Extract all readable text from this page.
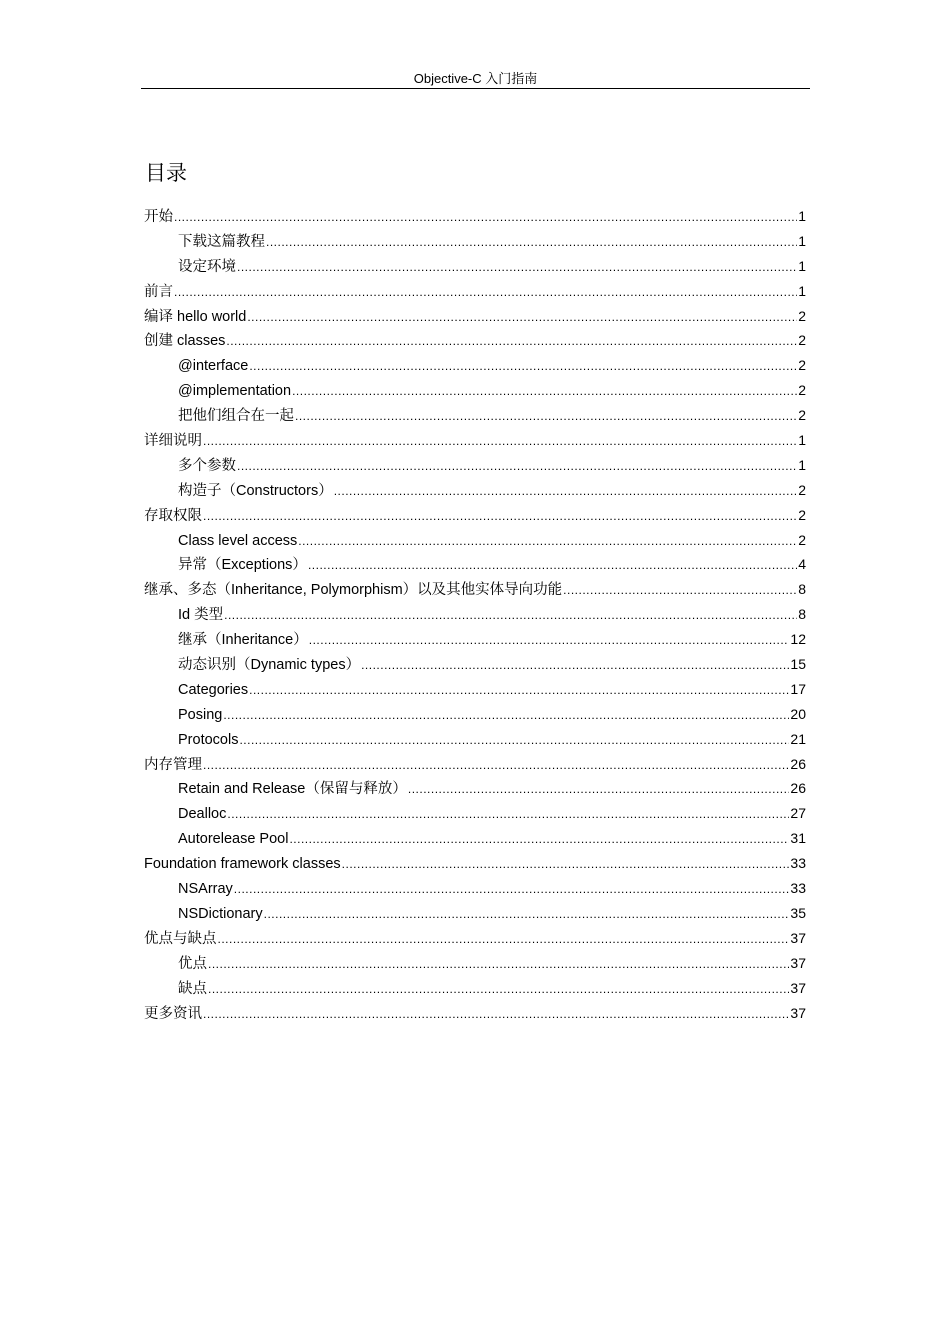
Objective-C 入门指南
目录
开始 .....	1
下载这篇教程 .....	1
设定环境 .....	1
前言 .....	1
编译 hello world .....	2
创建 classes .....	2
@interface .....	2
@implementation .....	2
把他们组合在一起 .....	2
详细说明 .....	1
多个参数 .....	1
构造子（Constructors） .....	2
存取权限 .....	2
Class level access .....	2
异常（Exceptions） .....	4
继承、多态（Inheritance, Polymorphism）以及其他实体导向功能 .....	8
Id 类型 .....	8
继承（Inheritance） .....	12
动态识别（Dynamic types） .....	15
Categories .....	17
Posing .....	20
Protocols .....	21
内存管理 .....	26
Retain and Release（保留与释放） .....	26
Dealloc .....	27
Autorelease Pool .....	31
Foundation framework classes .....	33
NSArray .....	33
NSDictionary .....	35
优点与缺点 .....	37
优点 .....	37
缺点 .....	37
更多资讯 .....	37
